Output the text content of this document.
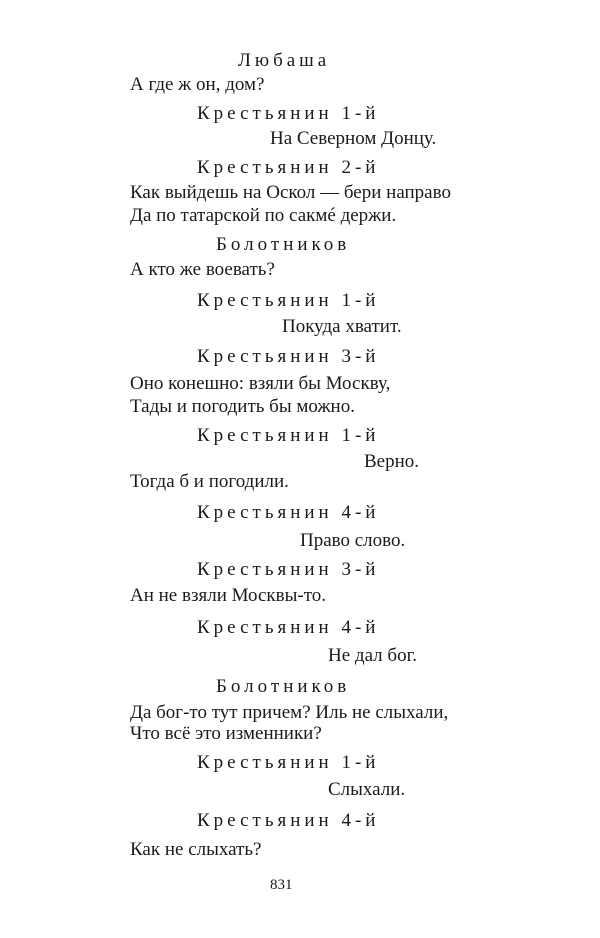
Любаша
А где ж он, дом?
Крестьянин 1-й
На Северном Донцу.
Крестьянин 2-й
Как выйдешь на Оскол — бери направо
Да по татарской по сакмé держи.
Болотников
А кто же воевать?
Крестьянин 1-й
Покуда хватит.
Крестьянин 3-й
Оно конешно: взяли бы Москву,
Тады и погодить бы можно.
Крестьянин 1-й
Верно.
Тогда б и погодили.
Крестьянин 4-й
Право слово.
Крестьянин 3-й
Ан не взяли Москвы-то.
Крестьянин 4-й
Не дал бог.
Болотников
Да бог-то тут причем? Иль не слыхали,
Что всё это изменники?
Крестьянин 1-й
Слыхали.
Крестьянин 4-й
Как не слыхать?
831
